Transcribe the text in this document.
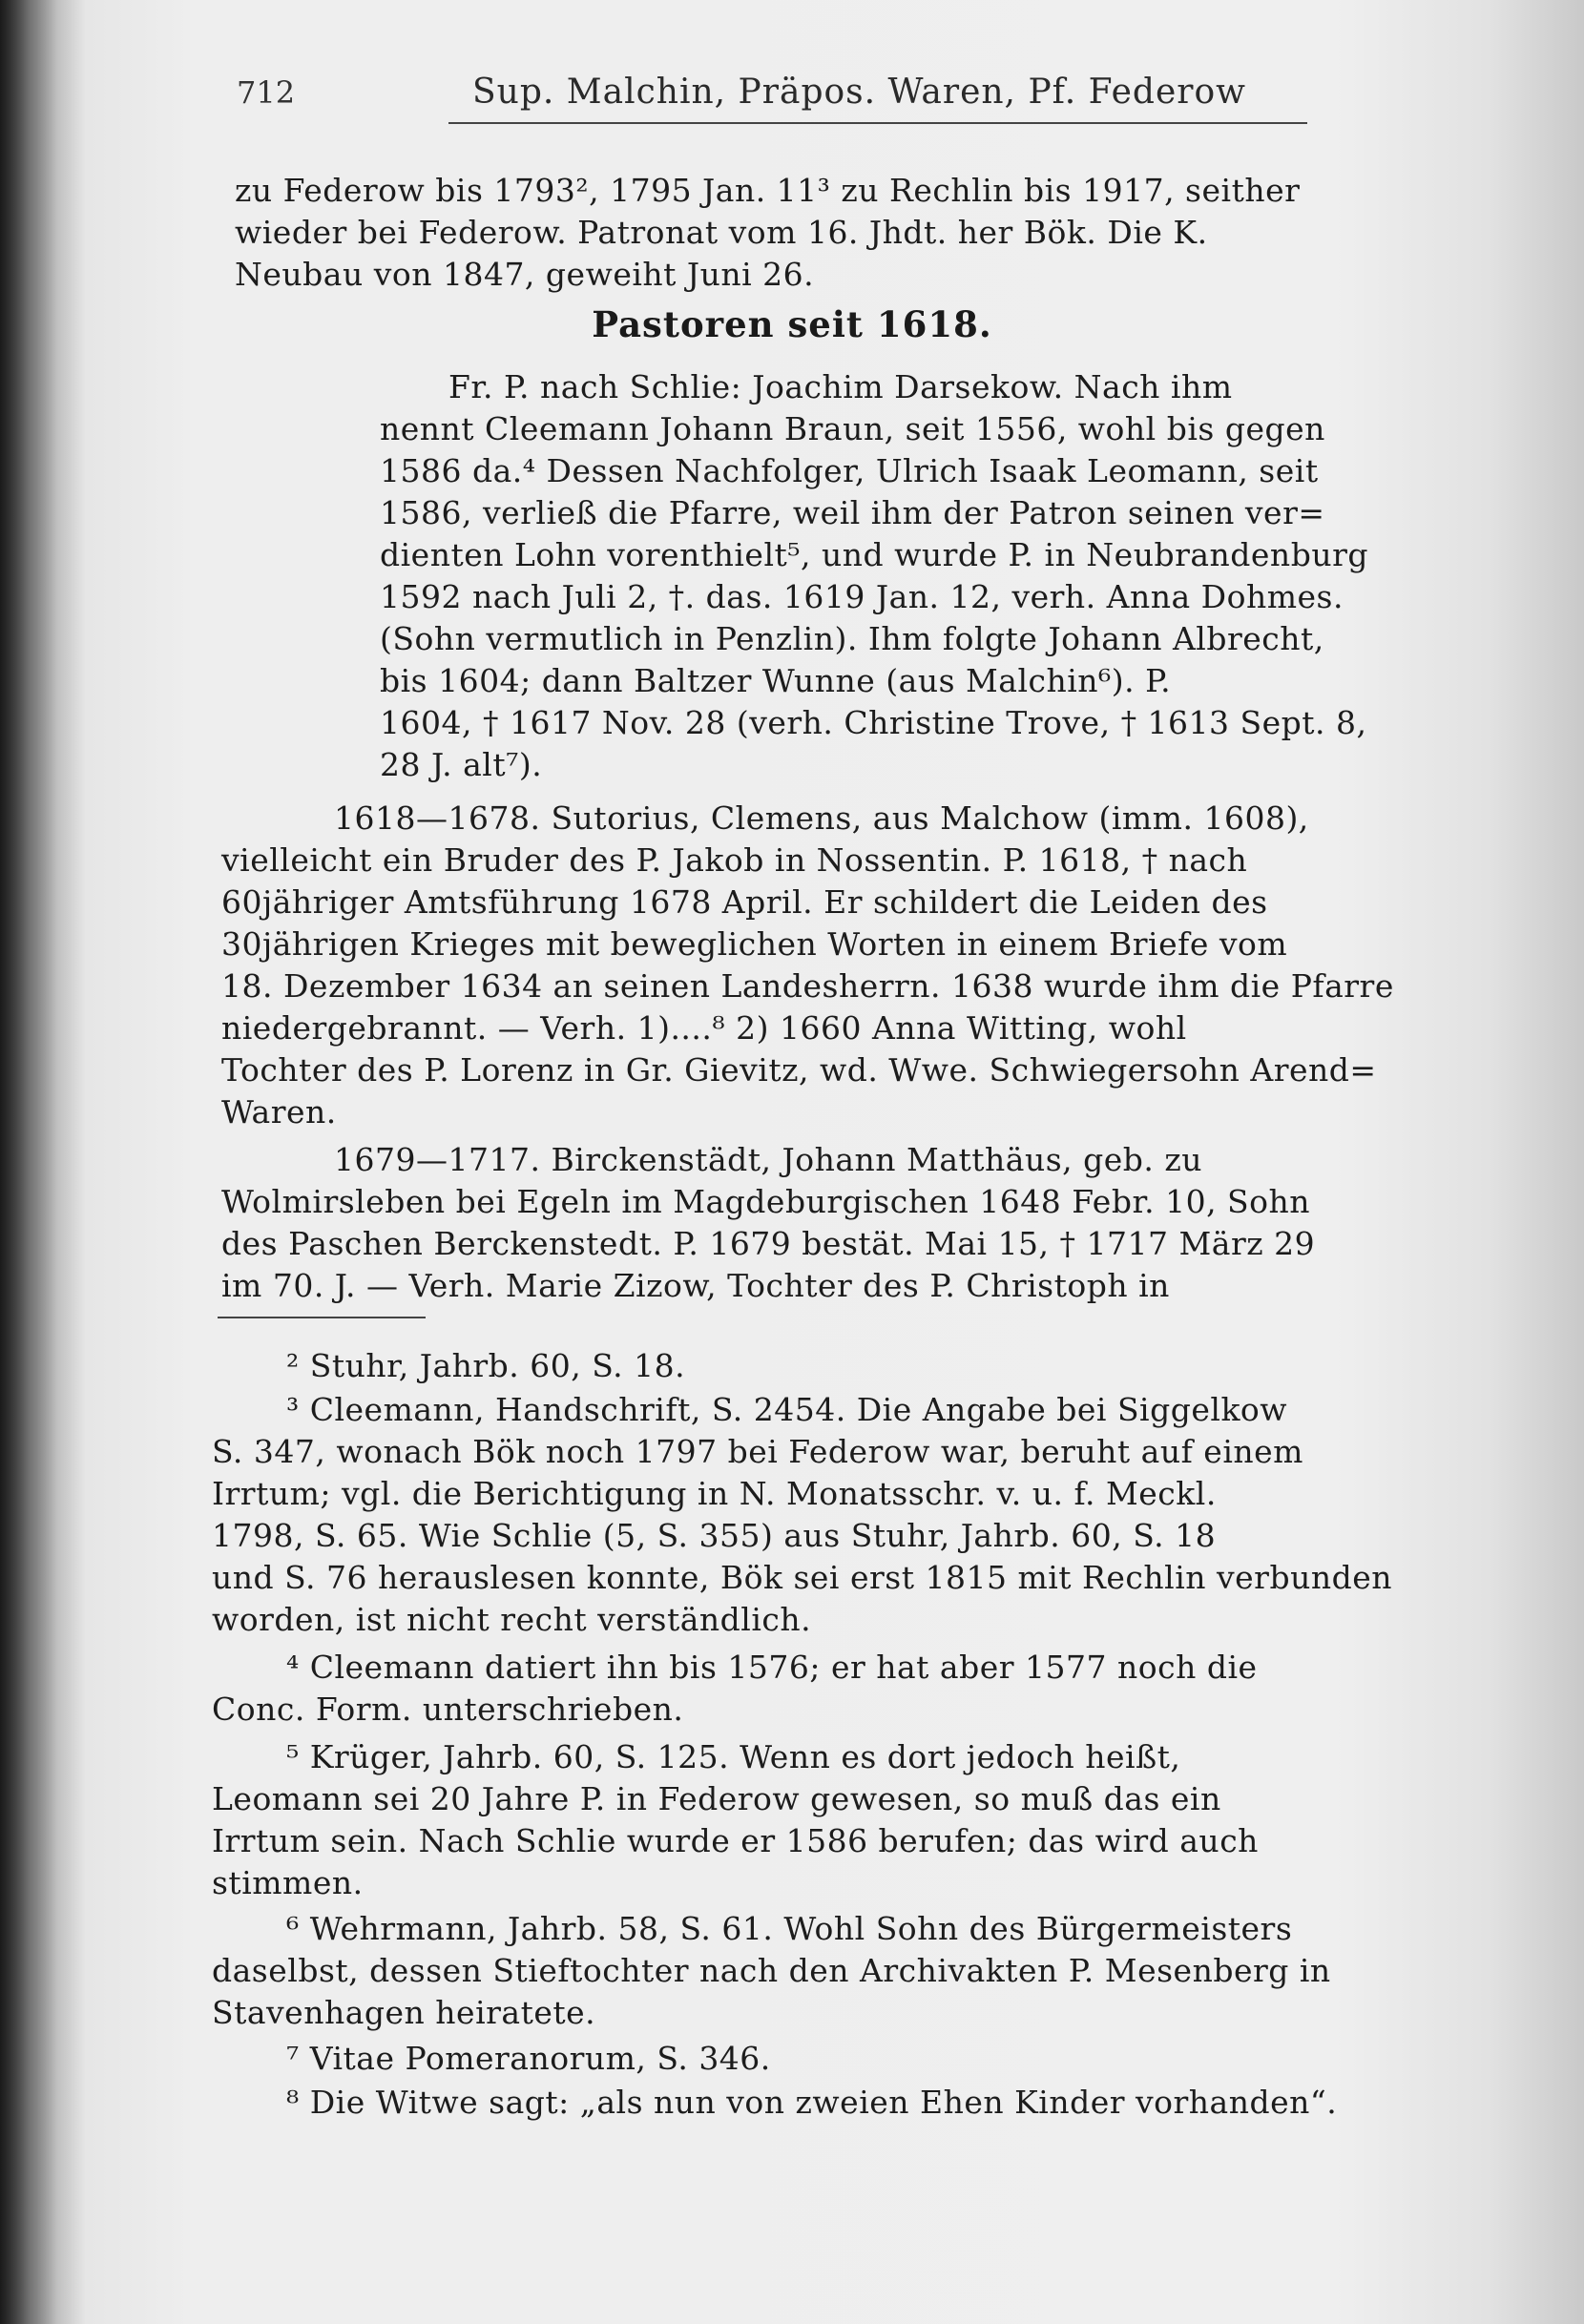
712	Sup. Malchin, Präpos. Waren, Pf. Federow
zu Federow bis 1793², 1795 Jan. 11³ zu Rechlin bis 1917, seither
wieder bei Federow. Patronat vom 16. Jhdt. her Bök. Die K.
Neubau von 1847, geweiht Juni 26.
Pastoren seit 1618.
Fr. P. nach Schlie: Joachim Darsekow. Nach ihm
nennt Cleemann Johann Braun, seit 1556, wohl bis gegen
1586 da.⁴ Dessen Nachfolger, Ulrich Isaak Leomann, seit
1586, verließ die Pfarre, weil ihm der Patron seinen ver=
dienten Lohn vorenthielt⁵, und wurde P. in Neubrandenburg
1592 nach Juli 2, †. das. 1619 Jan. 12, verh. Anna Dohmes.
(Sohn vermutlich in Penzlin). Ihm folgte Johann Albrecht,
bis 1604; dann Baltzer Wunne (aus Malchin⁶). P.
1604, † 1617 Nov. 28 (verh. Christine Trove, † 1613 Sept. 8,
28 J. alt⁷).
1618—1678. Sutorius, Clemens, aus Malchow (imm. 1608),
vielleicht ein Bruder des P. Jakob in Nossentin. P. 1618, † nach
60jähriger Amtsführung 1678 April. Er schildert die Leiden des
30jährigen Krieges mit beweglichen Worten in einem Briefe vom
18. Dezember 1634 an seinen Landesherrn. 1638 wurde ihm die Pfarre
niedergebrannt. — Verh. 1)....⁸ 2) 1660 Anna Witting, wohl
Tochter des P. Lorenz in Gr. Gievitz, wd. Wwe. Schwiegersohn Arend=
Waren.
1679—1717. Birckenstädt, Johann Matthäus, geb. zu
Wolmirsleben bei Egeln im Magdeburgischen 1648 Febr. 10, Sohn
des Paschen Berckenstedt. P. 1679 bestät. Mai 15, † 1717 März 29
im 70. J. — Verh. Marie Zizow, Tochter des P. Christoph in
² Stuhr, Jahrb. 60, S. 18.
³ Cleemann, Handschrift, S. 2454. Die Angabe bei Siggelkow
S. 347, wonach Bök noch 1797 bei Federow war, beruht auf einem
Irrtum; vgl. die Berichtigung in N. Monatsschr. v. u. f. Meckl.
1798, S. 65. Wie Schlie (5, S. 355) aus Stuhr, Jahrb. 60, S. 18
und S. 76 herauslesen konnte, Bök sei erst 1815 mit Rechlin verbunden
worden, ist nicht recht verständlich.
⁴ Cleemann datiert ihn bis 1576; er hat aber 1577 noch die
Conc. Form. unterschrieben.
⁵ Krüger, Jahrb. 60, S. 125. Wenn es dort jedoch heißt,
Leomann sei 20 Jahre P. in Federow gewesen, so muß das ein
Irrtum sein. Nach Schlie wurde er 1586 berufen; das wird auch
stimmen.
⁶ Wehrmann, Jahrb. 58, S. 61. Wohl Sohn des Bürgermeisters
daselbst, dessen Stieftochter nach den Archivakten P. Mesenberg in
Stavenhagen heiratete.
⁷ Vitae Pomeranorum, S. 346.
⁸ Die Witwe sagt: „als nun von zweien Ehen Kinder vorhanden“.
